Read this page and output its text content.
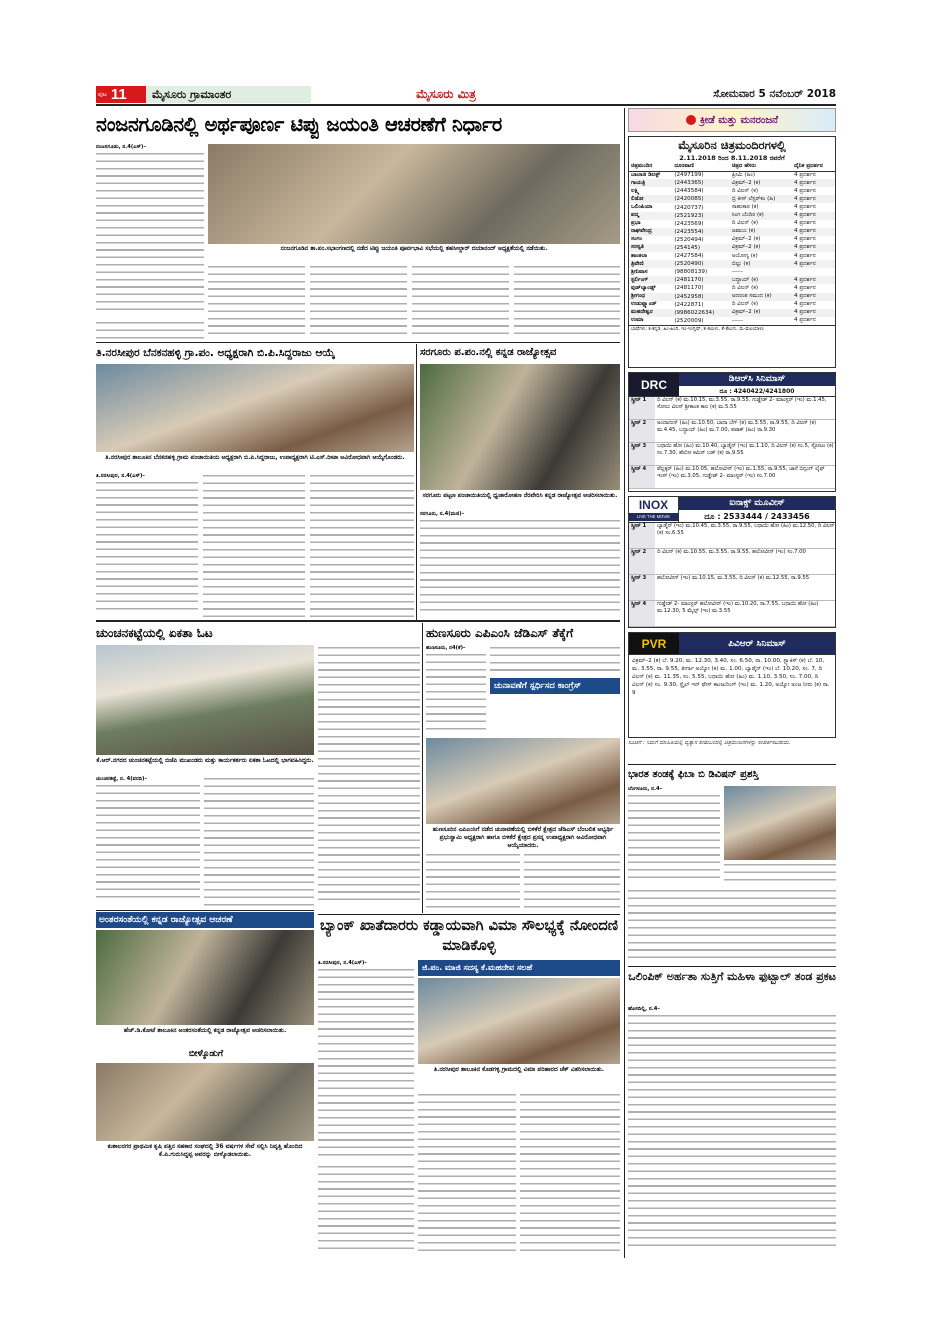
ಪುಟ 11	ಮೈಸೂರು ಗ್ರಾಮಾಂತರ	ಮೈಸೂರು ಮಿತ್ರ	ಸೋಮವಾರ 5 ನವೆಂಬರ್ 2018
ನಂಜನಗೂಡಿನಲ್ಲಿ ಅರ್ಥಪೂರ್ಣ ಟಿಪ್ಪು ಜಯಂತಿ ಆಚರಣೆಗೆ ನಿರ್ಧಾರ
ನಂಜನಗೂಡು, ನ.4(ಎಸ್)–
ನಂಜನಗೂಡಿನ ತಾ.ಪಂ.ಸಭಾಂಗಣದಲ್ಲಿ ನಡೆದ ಟಿಪ್ಪು ಜಯಂತಿ ಪೂರ್ವಭಾವಿ ಸಭೆಯಲ್ಲಿ ತಹಸೀಲ್ದಾರ್ ದಯಾನಂದ್ ಅಧ್ಯಕ್ಷತೆಯಲ್ಲಿ ನಡೆಯಿತು.
ತಿ.ನರಸೀಪುರ ಬೆನಕನಹಳ್ಳಿ ಗ್ರಾ.ಪಂ. ಅಧ್ಯಕ್ಷರಾಗಿ ಬಿ.ಪಿ.ಸಿದ್ದರಾಜು ಆಯ್ಕೆ
ತಿ.ನರಸೀಪುರ ತಾಲೂಕಿನ ಬೆನಕನಹಳ್ಳಿ ಗ್ರಾಮ ಪಂಚಾಯಿತಿಯ ಅಧ್ಯಕ್ಷರಾಗಿ ಬಿ.ಪಿ.ಸಿದ್ದರಾಜು, ಉಪಾಧ್ಯಕ್ಷರಾಗಿ ಟಿ.ಎಸ್.ರೀಟಾ ಅವಿರೋಧವಾಗಿ ಆಯ್ಕೆಗೊಂಡರು.
ತಿ.ನರಸೀಪುರ, ನ.4(ಎಸ್)–
ಸರಗೂರು ಪ.ಪಂ.ನಲ್ಲಿ ಕನ್ನಡ ರಾಜ್ಯೋತ್ಸವ
ಸರಗೂರು ಪಟ್ಟಣ ಪಂಚಾಯಿತಿಯಲ್ಲಿ ಧ್ವಜಾರೋಹಣ ನೆರವೇರಿಸಿ ಕನ್ನಡ ರಾಜ್ಯೋತ್ಸವ ಆಚರಿಸಲಾಯಿತು.
ಸರಗೂರು, ನ.4(ಮಣಿ)–
ಚುಂಚನಕಟ್ಟೆಯಲ್ಲಿ ಏಕತಾ ಓಟ
ಕೆ.ಆರ್.ನಗರದ ಚುಂಚನಕಟ್ಟೆಯಲ್ಲಿ ಬಿಜೆಪಿ ಮುಖಂಡರು ಮತ್ತು ಕಾರ್ಯಕರ್ತರು ಏಕತಾ ಓಟದಲ್ಲಿ ಭಾಗವಹಿಸಿದ್ದರು.
ಚುಂಚನಕಟ್ಟೆ, ನ. 4(ವರದಿ)–
ಹುಣಸೂರು ಎಪಿಎಂಸಿ ಜೆಡಿಎಸ್ ತೆಕ್ಕೆಗೆ
ಹುಣಸೂರು, ನ4(ಕೆ)–
ಚುನಾವಣೆಗೆ ಸ್ಪರ್ಧಿಸದ ಕಾಂಗ್ರೆಸ್
ಹುಣಸೂರಿನ ಎಪಿಎಂಸಿಗೆ ನಡೆದ ಚುನಾವಣೆಯಲ್ಲಿ ಬಿಳಿಕೆರೆ ಕ್ಷೇತ್ರದ ಜೆಡಿಎಸ್ ಬೆಂಬಲಿತ ಅಭ್ಯರ್ಥಿ ಪ್ರಭುಸ್ವಾಮಿ ಅಧ್ಯಕ್ಷರಾಗಿ ಹಾಗೂ ಬಿಳಿಕೆರೆ ಕ್ಷೇತ್ರದ ಪ್ರಸನ್ನ ಉಪಾಧ್ಯಕ್ಷರಾಗಿ ಅವಿರೋಧವಾಗಿ ಆಯ್ಕೆಯಾದರು.
ಅಂತರಸಂತೆಯಲ್ಲಿ ಕನ್ನಡ ರಾಜ್ಯೋತ್ಸವ ಆಚರಣೆ
ಹೆಚ್.ಡಿ.ಕೋಟೆ ತಾಲೂಕಿನ ಅಂತರಸಂತೆಯಲ್ಲಿ ಕನ್ನಡ ರಾಜ್ಯೋತ್ಸವ ಆಚರಿಸಲಾಯಿತು.
ಬೀಳ್ಕೊಡುಗೆ
ಕುಶಾಲನಗರ ಪ್ರಾಥಮಿಕ ಕೃಷಿ ಪತ್ತಿನ ಸಹಕಾರ ಸಂಘದಲ್ಲಿ 36 ವರ್ಷಗಳ ಸೇವೆ ಸಲ್ಲಿಸಿ ನಿವೃತ್ತಿ ಹೊಂದಿದ ಕೆ.ಪಿ.ಗುರುಸಿದ್ದಪ್ಪ ಅವರನ್ನು ಬೀಳ್ಕೊಡಲಾಯಿತು.
ಬ್ಯಾಂಕ್ ಖಾತೆದಾರರು ಕಡ್ಡಾಯವಾಗಿ ವಿಮಾ ಸೌಲಭ್ಯಕ್ಕೆ ನೋಂದಣಿ ಮಾಡಿಕೊಳ್ಳಿ
ತಿ.ನರಸೀಪುರ, ನ.4(ಎಸ್)–	ಜಿ.ಪಂ. ಮಾಜಿ ಸದಸ್ಯ ಕೆ.ಮಹದೇವ ಸಲಹೆ
ತಿ.ನರಸೀಪುರ ತಾಲೂಕಿನ ಕೊಡಗಳ್ಳಿ ಗ್ರಾಮದಲ್ಲಿ ವಿಮಾ ಪರಿಹಾರದ ಚೆಕ್ ವಿತರಿಸಲಾಯಿತು.
ಕ್ರೀಡೆ ಮತ್ತು ಮನರಂಜನೆ
ಮೈಸೂರಿನ ಚಿತ್ರಮಂದಿರಗಳಲ್ಲಿ
2.11.2018 ರಿಂದ 8.11.2018 ರವರೆಗೆ
ಚಿತ್ರಮಂದಿರ	ದೂರವಾಣಿ	ಚಿತ್ರದ ಹೆಸರು	ದೈನಿಕ ಪ್ರದರ್ಶನ
ಬಾಲಾಜಿ ಡಿಲಕ್ಸ್	(2497199)	ಪ್ರೀಮಿ (ಹಿಂ)	4 ಪ್ರದರ್ಶನ
ಗಾಯತ್ರಿ	(2443365)	ವಿಕ್ರಮ್–2 (ಕ)	4 ಪ್ರದರ್ಶನ
ಲಕ್ಷ್ಮಿ	(2443584)	ದಿ ವಿಲನ್ (ಕ)	4 ಪ್ರದರ್ಶನ
ಲಿಡೋ	(2420085)	ಬ್ರಿ ಕೀಸ್ ಲೆಸ್ಟರ್‌ಕಂ (ಹಿ)	4 ಪ್ರದರ್ಶನ
ಒಲಿಂಪಿಯಾ	(2420737)	ಸಾಹುಕಾರ (ಕ)	4 ಪ್ರದರ್ಶನ
ಪದ್ಮ	(2521923)	ಸಿಂಗ ಬೆಂದಿರ (ಕ)	4 ಪ್ರದರ್ಶನ
ಪ್ರಭಾ	(2423569)	ದಿ ವಿಲನ್ (ಕ)	4 ಪ್ರದರ್ಶನ
ರಾಘವೇಂದ್ರ	(2423554)	ಜವಾಬು (ಕ)	4 ಪ್ರದರ್ಶನ
ಸಂಗಂ	(2520494)	ವಿಕ್ರಮ್–2 (ಕ)	4 ಪ್ರದರ್ಶನ
ಸರಸ್ವತಿ	(254145)	ವಿಕ್ರಮ್–2 (ಕ)	4 ಪ್ರದರ್ಶನ
ಶಾಂತಲಾ	(2427584)	ಅಯೋಗ್ಯ (ಕ)	4 ಪ್ರದರ್ಶನ
ತ್ರಿವೇಣಿ	(2520490)	ಬಿಲ್ಲು (ಕ)	4 ಪ್ರದರ್ಶನ
ಶ್ರೀನಿವಾಸ	(98808139)	––––	
ಸ್ಟರ್ಲಿಂಗ್	(2481170)	ಬದ್ಧಾಯ್ (ಕ)	4 ಪ್ರದರ್ಶನ
ವುಡ್‌ಲ್ಯಾಂಡ್ಸ್	(2481170)	ದಿ ವಿಲನ್ (ಕ)	4 ಪ್ರದರ್ಶನ
ಶ್ರೀಗಂಧ	(2452958)	ಅದರಂತ ಸಮುದ (ಕ)	4 ಪ್ರದರ್ಶನ
ಉಡುಪ್ಲ್ಯಾಂಡ್	(2422871)	ದಿ ವಿಲನ್ (ಕ)	4 ಪ್ರದರ್ಶನ
ಮಹದೇಶ್ವರ	(9986022634)	ವಿಕ್ರಮ್–2 (ಕ)	4 ಪ್ರದರ್ಶನ
ಉಮಾ	(2520009)	––––	4 ಪ್ರದರ್ಶನ
ಭಾಷೆಗಳು: ಕ-ಕನ್ನಡ, ಹಿಂ-ಹಿಂದಿ, ಇಂ-ಇಂಗ್ಲಿಷ್, ತ-ತಮಿಳು, ತೆ-ತೆಲುಗು, ಮ-ಮಲಯಾಳಂ
DRC	ಡಿಆರ್‌ಸಿ ಸಿನಿಮಾಸ್
ದೂ : 4240422/4241800
ಸ್ಕ್ರೀನ್ 1	ದಿ ವಿಲನ್ (ಕ) ಮ.10.15, ಮ.3.55, ರಾ.9.55, ಗುಡ್ಡೇಡ್ 2- ಮಾಂಸ್ಟರ್ (ಇಂ) ಮ.1.45, ಸೋಲು ವಿಲನ್ ಶ್ರೀಕಾಂತ ಕಾಲ (ಕ) ಮ.5.55
ಸ್ಕ್ರೀನ್ 2	ಅಂದಾದುನ್ (ಹಿಂ) ಮ.10.50, ಬಾದಾ ಬೆಗ್ (ತ) ಮ.3.55, ರಾ.9.55, ದಿ ವಿಲನ್ (ಕ) ಮ.4.45, ಬದ್ಧಾಯ್ (ಹಿಂ) ಮ.7.00, ಪಟಾಕ್ (ಹಿಂ) ರಾ.9.30
ಸ್ಕ್ರೀನ್ 3	ಬಧಾಯಿ ಹೋ (ಹಿಂ) ಮ.10.40, ಬ್ಯಾಡ್ಮೆನ್ (ಇಂ) ಮ.1.10, ದಿ ವಿಲನ್ (ಕ) ಸಂ.5, ಸ್ಟೋಟಂ (ಕ) ಸಂ.7.30, ಹೆಲೋ ಕಮಿನ್ ಬಡ್ (ಕ) ರಾ.9.55
ಸ್ಕ್ರೀನ್ 4	ವೆಲ್ಲಕ್ಕರ್ (ಹಿಂ) ಮ.10.05, ಹಲೋವೀನ್ (ಇಂ) ಮ.1.55, ರಾ.9.55, ಜಾನೆ ಬಿನ್ಸಂಗ್ ಲೈಫ್ ಇಂಸ್ (ಇಂ) ಮ.3.05, ಗುಡ್ಡೇಡ್ 2- ಮಾಂಸ್ಟರ್ (ಇಂ) ಸಂ.7.00
INOX
LIVE THE MOVIE
ಐನಾಕ್ಸ್ ಮೂವೀಸ್
ದೂ : 2533444 / 2433456
ಸ್ಕ್ರೀನ್ 1	ಬ್ಯಾಡ್ಮೆನ್ (ಇಂ) ಮ.10.45, ಮ.3.55, ರಾ.9.55, ಬಧಾಯಿ ಹೋ (ಹಿಂ) ಮ.12.50, ದಿ ವಿಲನ್ (ಕ) ಸಂ.6.55
ಸ್ಕ್ರೀನ್ 2	ದಿ ವಿಲನ್ (ಕ) ಮ.10.55, ಮ.3.55, ರಾ.9.55, ಹಲೋವೀನ್ (ಇಂ) ಸಂ.7.00
ಸ್ಕ್ರೀನ್ 3	ಹಲೋವೀನ್ (ಇಂ) ಮ.10.15, ಮ.3.55, ದಿ ವಿಲನ್ (ಕ) ಮ.12.55, ರಾ.9.55
ಸ್ಕ್ರೀನ್ 4	ಗುಡ್ಡೇಡ್ 2- ಮಾಂಸ್ಟರ್ ಹಲೋವೀನ್ (ಇಂ) ಮ.10.20, ರಾ.7.55, ಬಧಾಯಿ ಹೋ (ಹಿಂ) ಮ.12.30, 5 ಮೈಲ್ಸ್ (ಇಂ) ಮ.3.55
PVR	ಪಿವಿಆರ್ ಸಿನಿಮಾಸ್
ವಿಕ್ರಮ್–2 (ಕ) ಬೆ. 9.20, ಮ. 12.30, 3.40, ಸಂ. 6.50, ರಾ. 10.00, ಸ್ಟ್ಯಾಕಿಸ್ (ಕ) ಬೆ. 10, ಮ. 3.55, ರಾ. 9.55, ತೀರ್ಗಾ ಅಯ್ಯೋ (ಕ) ಮ. 1.00, ಬ್ಯಾಡ್ಮೆನ್ (ಇಂ) ಬೆ. 10.20, ಸಂ. 7, ದಿ ವಿಲನ್ (ಕ) ಮ. 11.35, ಸಂ. 5.55, ಬಧಾಯಿ ಹೋ (ಹಿಂ) ಮ. 1.10, 3.50, ಸಂ. 7.00, ದಿ ವಿಲನ್ (ಕ) ಸಂ. 9.30, ಸ್ಟೈಲ್ ಇನ್ ಫೇಸ್ ಕಾಂಜುರಿಂಗ್ (ಇಂ) ಮ. 1.20, ಅಯ್ಯೋ ಅಂಜ ನೀರು (ಕ) ರಾ. 9
ಸೂಚನೆ : ನಿಮಗೆ ಮಾಹಿತಿಯಲ್ಲಿ ವ್ಯತ್ಯಾಸ ಕಂಡುಬಂದಲ್ಲಿ ಚಿತ್ರಮಂದಿರಗಳನ್ನು ಸಂಪರ್ಕಿಸಬಹುದು.
ಭಾರತ ತಂಡಕ್ಕೆ ಫಿಬಾ ಬಿ ಡಿವಿಷನ್ ಪ್ರಶಸ್ತಿ
ಬೆಂಗಳೂರು, ನ.4–
ಒಲಿಂಪಿಕ್ ಅರ್ಹತಾ ಸುತ್ತಿಗೆ ಮಹಿಳಾ ಫುಟ್ಬಾಲ್ ತಂಡ ಪ್ರಕಟ
ಹೊಸದಿಲ್ಲಿ, ನ.4–
